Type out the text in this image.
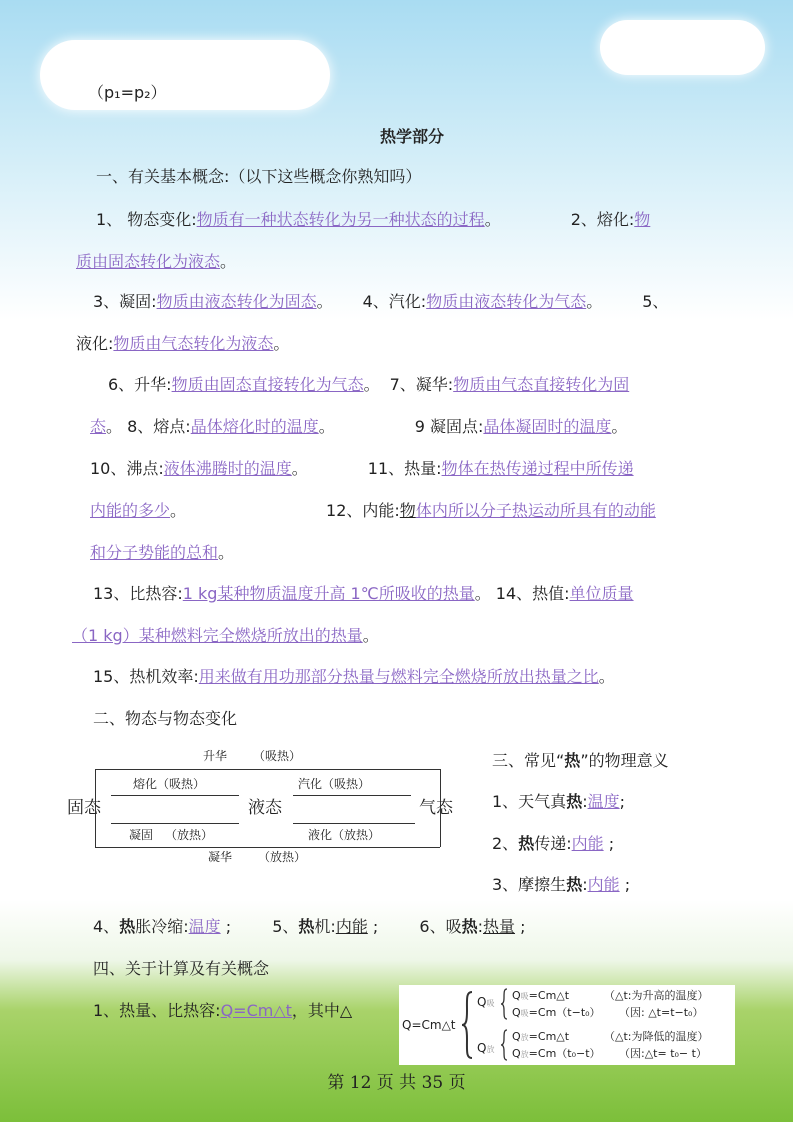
（p₁=p₂）
热学部分
一、有关基本概念:（以下这些概念你熟知吗）
1、 物态变化:物质有一种状态转化为另一种状态的过程。	2、熔化:物
质由固态转化为液态。
3、凝固:物质由液态转化为固态。 4、汽化:物质由液态转化为气态。	5、
液化:物质由气态转化为液态。
6、升华:物质由固态直接转化为气态。 7、凝华:物质由气态直接转化为固
态。 8、熔点:晶体熔化时的温度。	9 凝固点:晶体凝固时的温度。
10、沸点:液体沸腾时的温度。	11、热量:物体在热传递过程中所传递
内能的多少。	12、内能:物体内所以分子热运动所具有的动能
和分子势能的总和。
13、比热容:1 kg某种物质温度升高 1℃所吸收的热量。 14、热值:单位质量
（1 kg）某种燃料完全燃烧所放出的热量。
15、热机效率:用来做有用功那部分热量与燃料完全燃烧所放出热量之比。
二、物态与物态变化
升华 （吸热）
固态	液态	气态
熔化（吸热）	汽化（吸热）
凝固 （放热）	液化（放热）
凝华 （放热）
三、常见“热”的物理意义
1、天气真热:温度;
2、热传递:内能 ;
3、摩擦生热:内能 ;
4、热胀冷缩:温度 ;	5、热机:内能 ;	6、吸热:热量 ;
四、关于计算及有关概念
1、热量、比热容:Q=Cm△t，其中△
Q=Cm△t
Q吸
Q放
Q吸=Cm△t	（△t:为升高的温度）
Q吸=Cm（t−t₀） （因: △t=t−t₀）
Q放=Cm△t	（△t:为降低的温度）
Q放=Cm（t₀−t） （因:△t= t₀− t）
第 12 页 共 35 页
